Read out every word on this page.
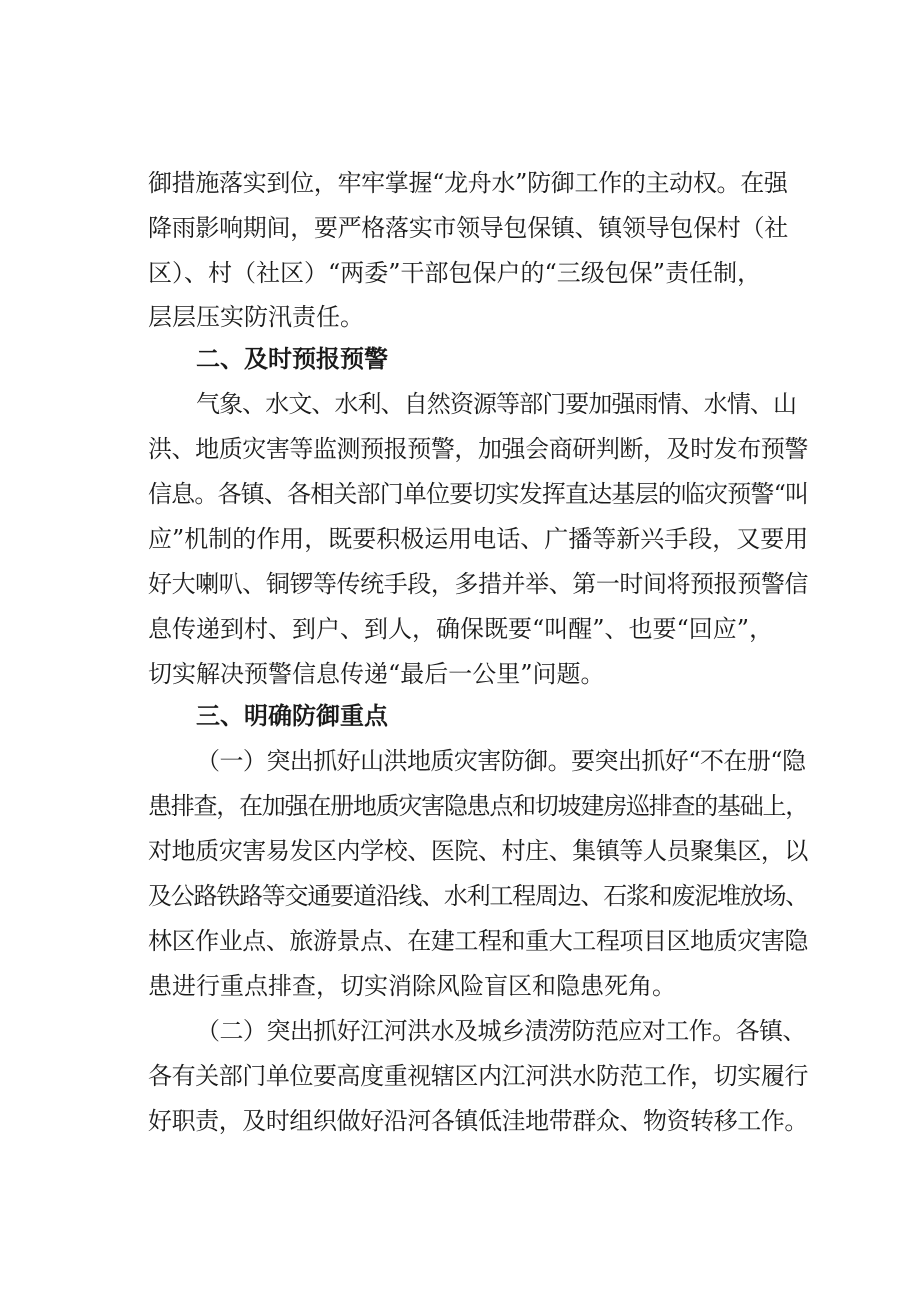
御措施落实到位，牢牢掌握“龙舟水”防御工作的主动权。在强
降雨影响期间，要严格落实市领导包保镇、镇领导包保村（社
区）、村（社区）“两委”干部包保户的“三级包保”责任制，
层层压实防汛责任。
二、及时预报预警
气象、水文、水利、自然资源等部门要加强雨情、水情、山
洪、地质灾害等监测预报预警，加强会商研判断，及时发布预警
信息。各镇、各相关部门单位要切实发挥直达基层的临灾预警“叫
应”机制的作用，既要积极运用电话、广播等新兴手段，又要用
好大喇叭、铜锣等传统手段，多措并举、第一时间将预报预警信
息传递到村、到户、到人，确保既要“叫醒”、也要“回应”，
切实解决预警信息传递“最后一公里”问题。
三、明确防御重点
（一）突出抓好山洪地质灾害防御。要突出抓好“不在册“隐
患排查，在加强在册地质灾害隐患点和切坡建房巡排查的基础上，
对地质灾害易发区内学校、医院、村庄、集镇等人员聚集区，以
及公路铁路等交通要道沿线、水利工程周边、石浆和废泥堆放场、
林区作业点、旅游景点、在建工程和重大工程项目区地质灾害隐
患进行重点排查，切实消除风险盲区和隐患死角。
（二）突出抓好江河洪水及城乡渍涝防范应对工作。各镇、
各有关部门单位要高度重视辖区内江河洪水防范工作，切实履行
好职责，及时组织做好沿河各镇低洼地带群众、物资转移工作。
